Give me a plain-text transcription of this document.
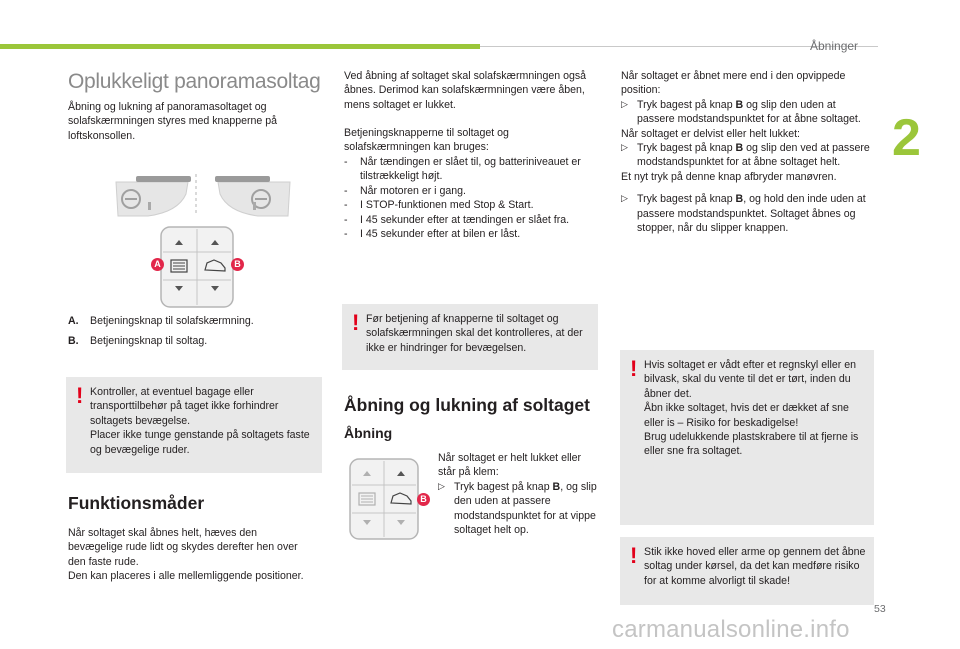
Åbninger
2
Oplukkeligt panoramasoltag

Åbning og lukning af panoramasoltaget og solafskærmningen styres med knapperne på loftskonsollen.

A	B
A. Betjeningsknap til solafskærmning.
B. Betjeningsknap til soltag.
! Kontroller, at eventuel bagage eller transporttilbehør på taget ikke forhindrer soltagets bevægelse.
Placer ikke tunge genstande på soltagets faste og bevægelige ruder.
Funktionsmåder

Når soltaget skal åbnes helt, hæves den bevægelige rude lidt og skydes derefter hen over den faste rude.
Den kan placeres i alle mellemliggende positioner.

Ved åbning af soltaget skal solafskærmningen også åbnes. Derimod kan solafskærmningen være åben, mens soltaget er lukket.

Betjeningsknapperne til soltaget og solafskærmningen kan bruges:

- Når tændingen er slået til, og batteriniveauet er tilstrækkeligt højt.
- Når motoren er i gang.
- I STOP-funktionen med Stop & Start.
- I 45 sekunder efter at tændingen er slået fra.
- I 45 sekunder efter at bilen er låst.
! Før betjening af knapperne til soltaget og solafskærmningen skal det kontrolleres, at der ikke er hindringer for bevægelsen.
Åbning og lukning af soltaget
Åbning
B

Når soltaget er helt lukket eller står på klem:

▷ Tryk bagest på knap B, og slip den uden at passere modstandspunktet for at vippe soltaget helt op.

Når soltaget er åbnet mere end i den opvippede position:

▷ Tryk bagest på knap B og slip den uden at passere modstandspunktet for at åbne soltaget.

Når soltaget er delvist eller helt lukket:

▷ Tryk bagest på knap B og slip den ved at passere modstandspunktet for at åbne soltaget helt.

Et nyt tryk på denne knap afbryder manøvren.

▷ Tryk bagest på knap B, og hold den inde uden at passere modstandspunktet. Soltaget åbnes og stopper, når du slipper knappen.
! Hvis soltaget er vådt efter et regnskyl eller en bilvask, skal du vente til det er tørt, inden du åbner det.
Åbn ikke soltaget, hvis det er dækket af sne eller is – Risiko for beskadigelse!
Brug udelukkende plastskrabere til at fjerne is eller sne fra soltaget.
! Stik ikke hoved eller arme op gennem det åbne soltag under kørsel, da det kan medføre risiko for at komme alvorligt til skade!
53
carmanualsonline.info
